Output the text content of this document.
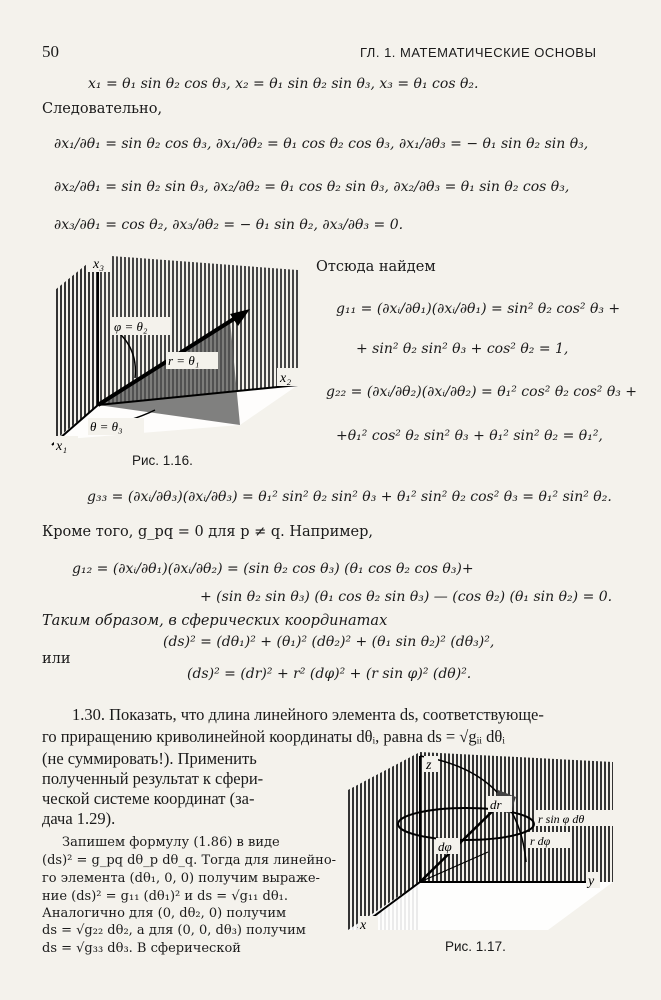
50	ГЛ. 1. МАТЕМАТИЧЕСКИЕ ОСНОВЫ
x₁ = θ₁ sin θ₂ cos θ₃, x₂ = θ₁ sin θ₂ sin θ₃, x₃ = θ₁ cos θ₂.
Следовательно,
∂x₁/∂θ₁ = sin θ₂ cos θ₃, ∂x₁/∂θ₂ = θ₁ cos θ₂ cos θ₃, ∂x₁/∂θ₃ = − θ₁ sin θ₂ sin θ₃,
∂x₂/∂θ₁ = sin θ₂ sin θ₃, ∂x₂/∂θ₂ = θ₁ cos θ₂ sin θ₃, ∂x₂/∂θ₃ = θ₁ sin θ₂ cos θ₃,
∂x₃/∂θ₁ = cos θ₂, ∂x₃/∂θ₂ = − θ₁ sin θ₂, ∂x₃/∂θ₃ = 0.
x₃
x₂
x₁
φ = θ₂
r = θ₁
θ = θ₃
Рис. 1.16.
Отсюда найдем
g₁₁ = (∂xᵢ/∂θ₁)(∂xᵢ/∂θ₁) = sin² θ₂ cos² θ₃ +
+ sin² θ₂ sin² θ₃ + cos² θ₂ = 1,
g₂₂ = (∂xᵢ/∂θ₂)(∂xᵢ/∂θ₂) = θ₁² cos² θ₂ cos² θ₃ +
+θ₁² cos² θ₂ sin² θ₃ + θ₁² sin² θ₂ = θ₁²,
g₃₃ = (∂xᵢ/∂θ₃)(∂xᵢ/∂θ₃) = θ₁² sin² θ₂ sin² θ₃ + θ₁² sin² θ₂ cos² θ₃ = θ₁² sin² θ₂.
Кроме того, g_pq = 0 для p ≠ q. Например,
g₁₂ = (∂xᵢ/∂θ₁)(∂xᵢ/∂θ₂) = (sin θ₂ cos θ₃) (θ₁ cos θ₂ cos θ₃)+
+ (sin θ₂ sin θ₃) (θ₁ cos θ₂ sin θ₃) — (cos θ₂) (θ₁ sin θ₂) = 0.
Таким образом, в сферических координатах
(ds)² = (dθ₁)² + (θ₁)² (dθ₂)² + (θ₁ sin θ₂)² (dθ₃)²,
или
(ds)² = (dr)² + r² (dφ)² + (r sin φ)² (dθ)².
1.30. Показать, что длина линейного элемента ds, соответствующе-
го приращению криволинейной координаты dθᵢ, равна ds = √gᵢᵢ dθᵢ
(не суммировать!). Применить
полученный результат к сфери-
ческой системе координат (за-
дача 1.29).
Запишем формулу (1.86) в виде
(ds)² = g_pq dθ_p dθ_q. Тогда для линейно-
го элемента (dθ₁, 0, 0) получим выраже-
ние (ds)² = g₁₁ (dθ₁)² и ds = √g₁₁ dθ₁.
Аналогично для (0, dθ₂, 0) получим
ds = √g₂₂ dθ₂, а для (0, 0, dθ₃) получим
ds = √g₃₃ dθ₃. В сферической
z
y
x
dr
dφ
r sin φ dθ
r dφ
Рис. 1.17.
